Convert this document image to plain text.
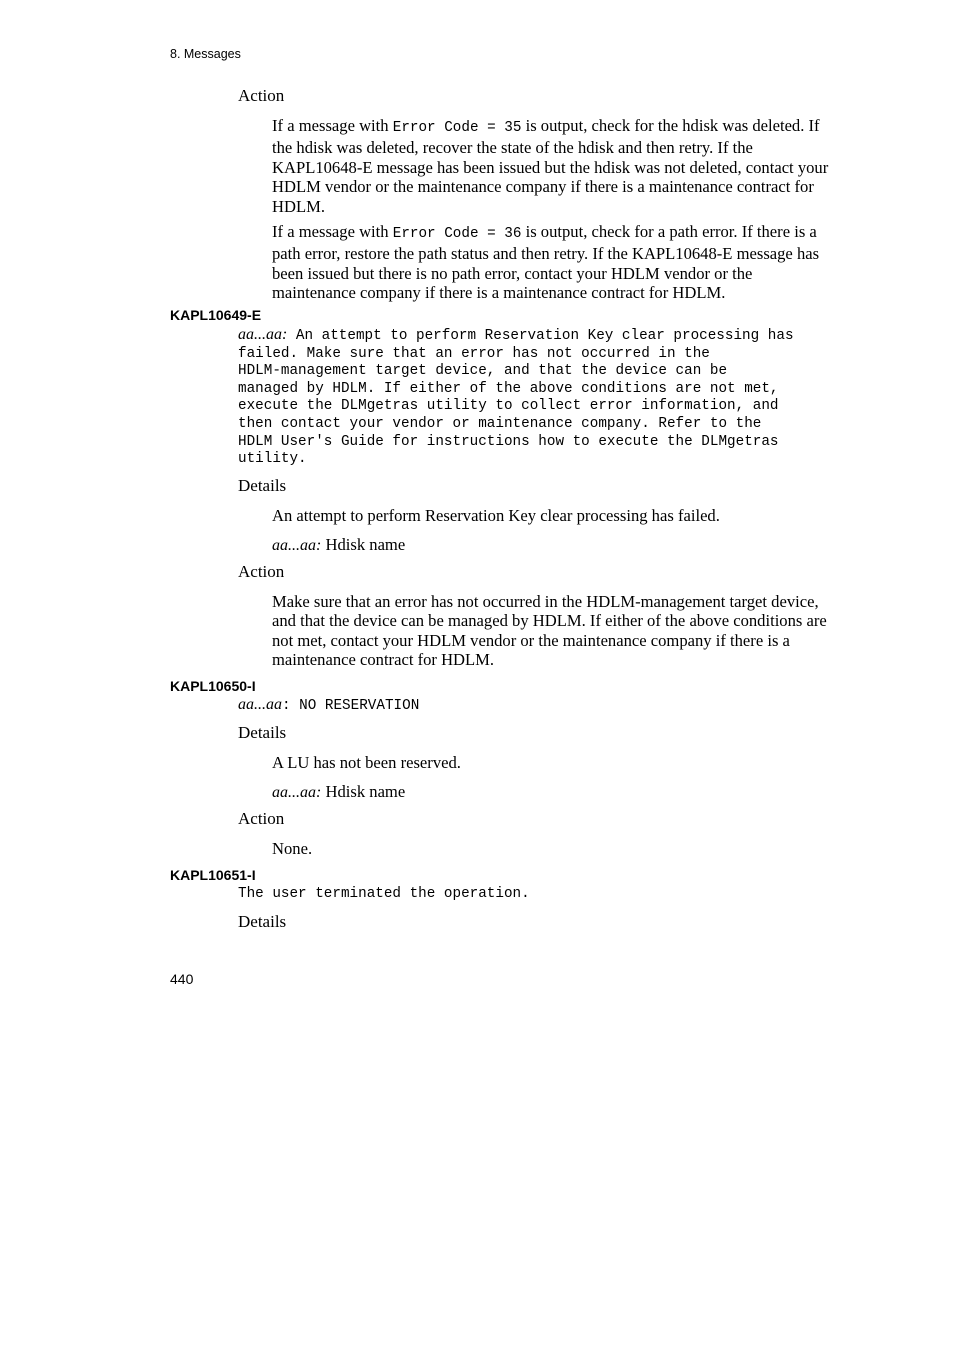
8. Messages
Action
If a message with Error Code = 35 is output, check for the hdisk was deleted. If the hdisk was deleted, recover the state of the hdisk and then retry. If the KAPL10648-E message has been issued but the hdisk was not deleted, contact your HDLM vendor or the maintenance company if there is a maintenance contract for HDLM.
If a message with Error Code = 36 is output, check for a path error. If there is a path error, restore the path status and then retry. If the KAPL10648-E message has been issued but there is no path error, contact your HDLM vendor or the maintenance company if there is a maintenance contract for HDLM.
KAPL10649-E
aa...aa: An attempt to perform Reservation Key clear processing has
failed. Make sure that an error has not occurred in the
HDLM-management target device, and that the device can be
managed by HDLM. If either of the above conditions are not met,
execute the DLMgetras utility to collect error information, and
then contact your vendor or maintenance company. Refer to the
HDLM User's Guide for instructions how to execute the DLMgetras
utility.
Details
An attempt to perform Reservation Key clear processing has failed.
aa...aa: Hdisk name
Action
Make sure that an error has not occurred in the HDLM-management target device, and that the device can be managed by HDLM. If either of the above conditions are not met, contact your HDLM vendor or the maintenance company if there is a maintenance contract for HDLM.
KAPL10650-I
aa...aa: NO RESERVATION
Details
A LU has not been reserved.
aa...aa: Hdisk name
Action
None.
KAPL10651-I
The user terminated the operation.
Details
440
